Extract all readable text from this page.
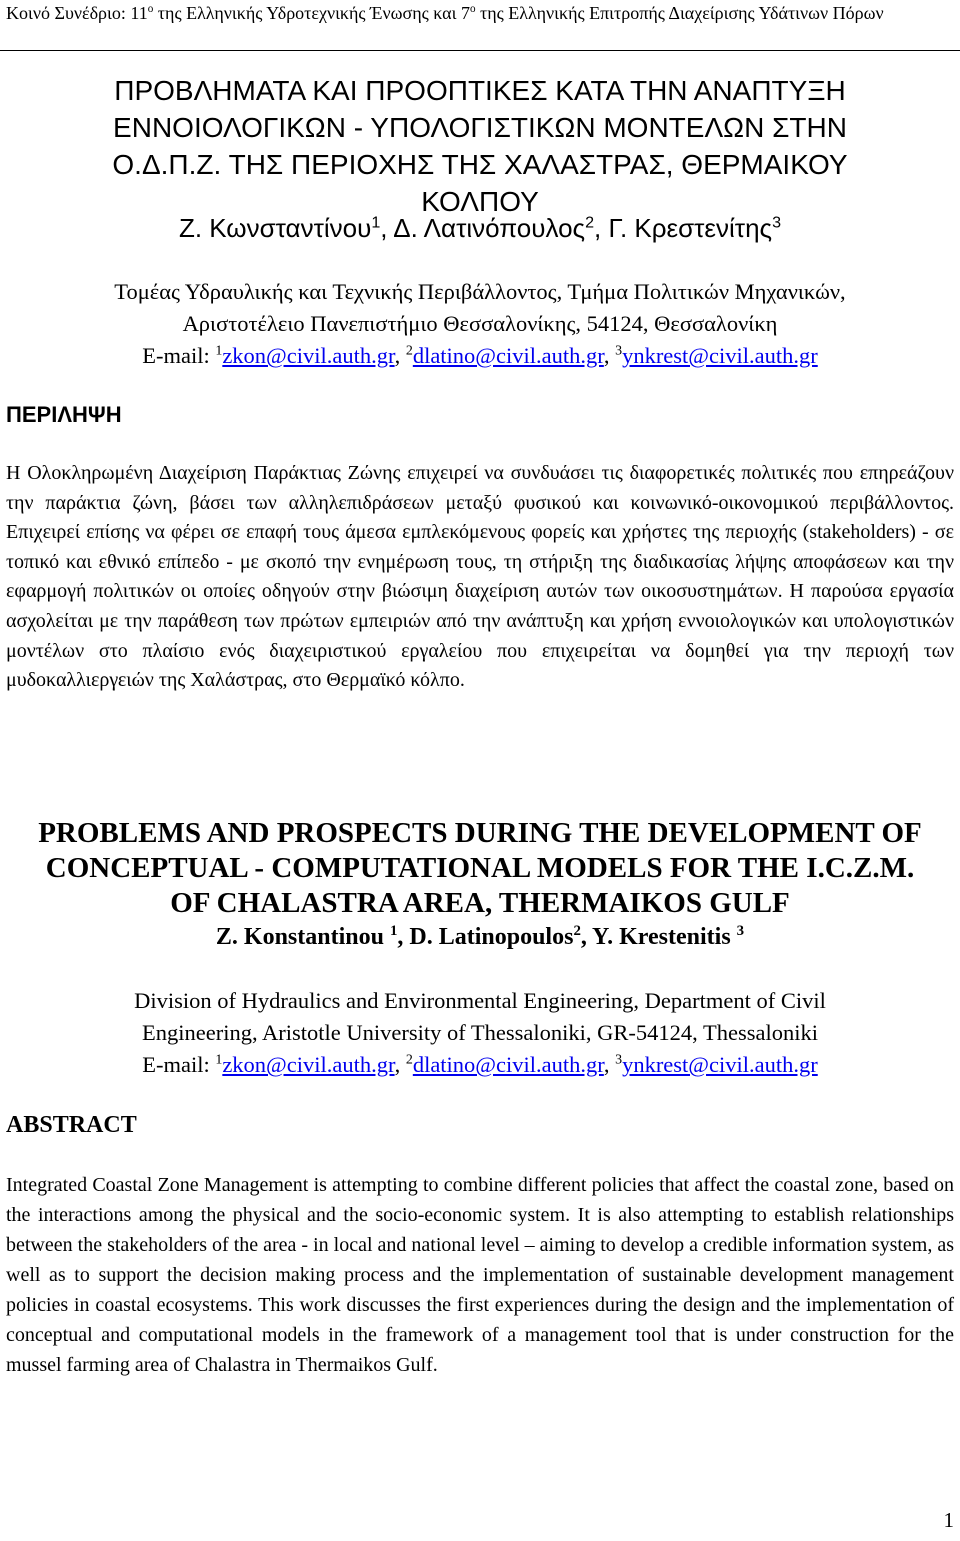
Κοινό Συνέδριο: $11^o$ της Ελληνικής Υδροτεχνικής Ένωσης και $7^o$ της Ελληνικής Επιτροπής Διαχείρισης Υδάτινων Πόρων
ΠΡΟΒΛΗΜΑΤΑ ΚΑΙ ΠΡΟΟΠΤΙΚΕΣ ΚΑΤΑ ΤΗΝ ΑΝΑΠΤΥΞΗ
ΕΝΝΟΙΟΛΟΓΙΚΩΝ - ΥΠΟΛΟΓΙΣΤΙΚΩΝ ΜΟΝΤΕΛΩΝ ΣΤΗΝ
Ο.Δ.Π.Ζ. ΤΗΣ ΠΕΡΙΟΧΗΣ ΤΗΣ ΧΑΛΑΣΤΡΑΣ, ΘΕΡΜΑΙΚΟΥ
ΚΟΛΠΟΥ
Ζ. Κωνσταντίνου$^1$, Δ. Λατινόπουλος$^2$, Γ. Κρεστενίτης$^3$
Τομέας Υδραυλικής και Τεχνικής Περιβάλλοντος, Τμήμα Πολιτικών Μηχανικών,
Αριστοτέλειο Πανεπιστήμιο Θεσσαλονίκης, 54124, Θεσσαλονίκη
E-mail: $^1$zkon@civil.auth.gr, $^2$dlatino@civil.auth.gr, $^3$ynkrest@civil.auth.gr
ΠΕΡΙΛΗΨΗ
Η Ολοκληρωμένη Διαχείριση Παράκτιας Ζώνης επιχειρεί να συνδυάσει τις διαφορετικές πολιτικές που επηρεάζουν την παράκτια ζώνη, βάσει των αλληλεπιδράσεων μεταξύ φυσικού και κοινωνικό-οικονομικού περιβάλλοντος. Επιχειρεί επίσης να φέρει σε επαφή τους άμεσα εμπλεκόμενους φορείς και χρήστες της περιοχής (stakeholders) - σε τοπικό και εθνικό επίπεδο - με σκοπό την ενημέρωση τους, τη στήριξη της διαδικασίας λήψης αποφάσεων και την εφαρμογή πολιτικών οι οποίες οδηγούν στην βιώσιμη διαχείριση αυτών των οικοσυστημάτων. Η παρούσα εργασία ασχολείται με την παράθεση των πρώτων εμπειριών από την ανάπτυξη και χρήση εννοιολογικών και υπολογιστικών μοντέλων στο πλαίσιο ενός διαχειριστικού εργαλείου που επιχειρείται να δομηθεί για την περιοχή των μυδοκαλλιεργειών της Χαλάστρας, στο Θερμαϊκό κόλπο.
PROBLEMS AND PROSPECTS DURING THE DEVELOPMENT OF
CONCEPTUAL - COMPUTATIONAL MODELS FOR THE I.C.Z.M.
OF CHALASTRA AREA, THERMAIKOS GULF
Z. Konstantinou $^1$, D. Latinopoulos$^2$, Y. Krestenitis $^3$
Division of Hydraulics and Environmental Engineering, Department of Civil
Engineering, Aristotle University of Thessaloniki, GR-54124, Thessaloniki
E-mail: $^1$zkon@civil.auth.gr, $^2$dlatino@civil.auth.gr, $^3$ynkrest@civil.auth.gr
ABSTRACT
Integrated Coastal Zone Management is attempting to combine different policies that affect the coastal zone, based on the interactions among the physical and the socio-economic system. It is also attempting to establish relationships between the stakeholders of the area - in local and national level – aiming to develop a credible information system, as well as to support the decision making process and the implementation of sustainable development management policies in coastal ecosystems. This work discusses the first experiences during the design and the implementation of conceptual and computational models in the framework of a management tool that is under construction for the mussel farming area of Chalastra in Thermaikos Gulf.
1
